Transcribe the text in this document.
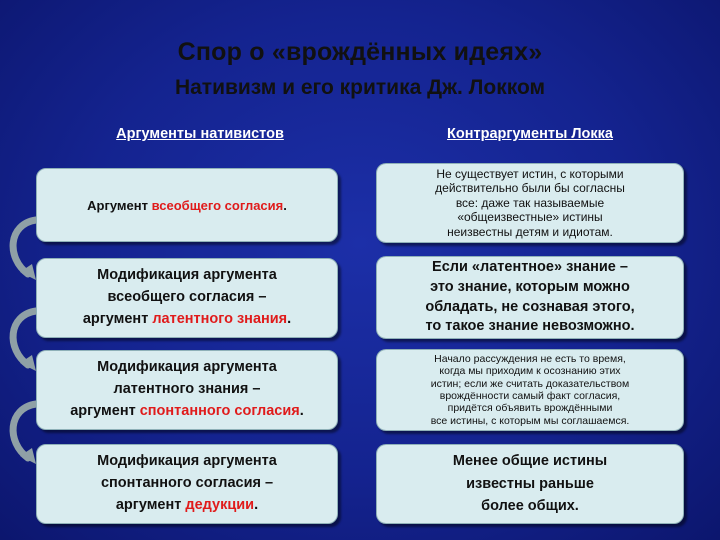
Спор о «врождённых идеях»
Нативизм и его критика Дж. Локком
Аргументы нативистов	Контраргументы Локка
Аргумент всеобщего согласия.
Модификация аргумента
всеобщего согласия –
аргумент латентного знания.
Модификация аргумента
латентного знания –
аргумент спонтанного согласия.
Модификация аргумента
спонтанного согласия –
аргумент дедукции.
Не существует истин, с которыми
действительно были бы согласны
все: даже так называемые
«общеизвестные» истины
неизвестны детям и идиотам.
Если «латентное» знание –
это знание, которым можно
обладать, не сознавая этого,
то такое знание невозможно.
Начало рассуждения не есть то время,
когда мы приходим к осознанию этих
истин; если же считать доказательством
врождённости самый факт согласия,
придётся объявить врождёнными
все истины, с которым мы соглашаемся.
Менее общие истины
известны раньше
более общих.
